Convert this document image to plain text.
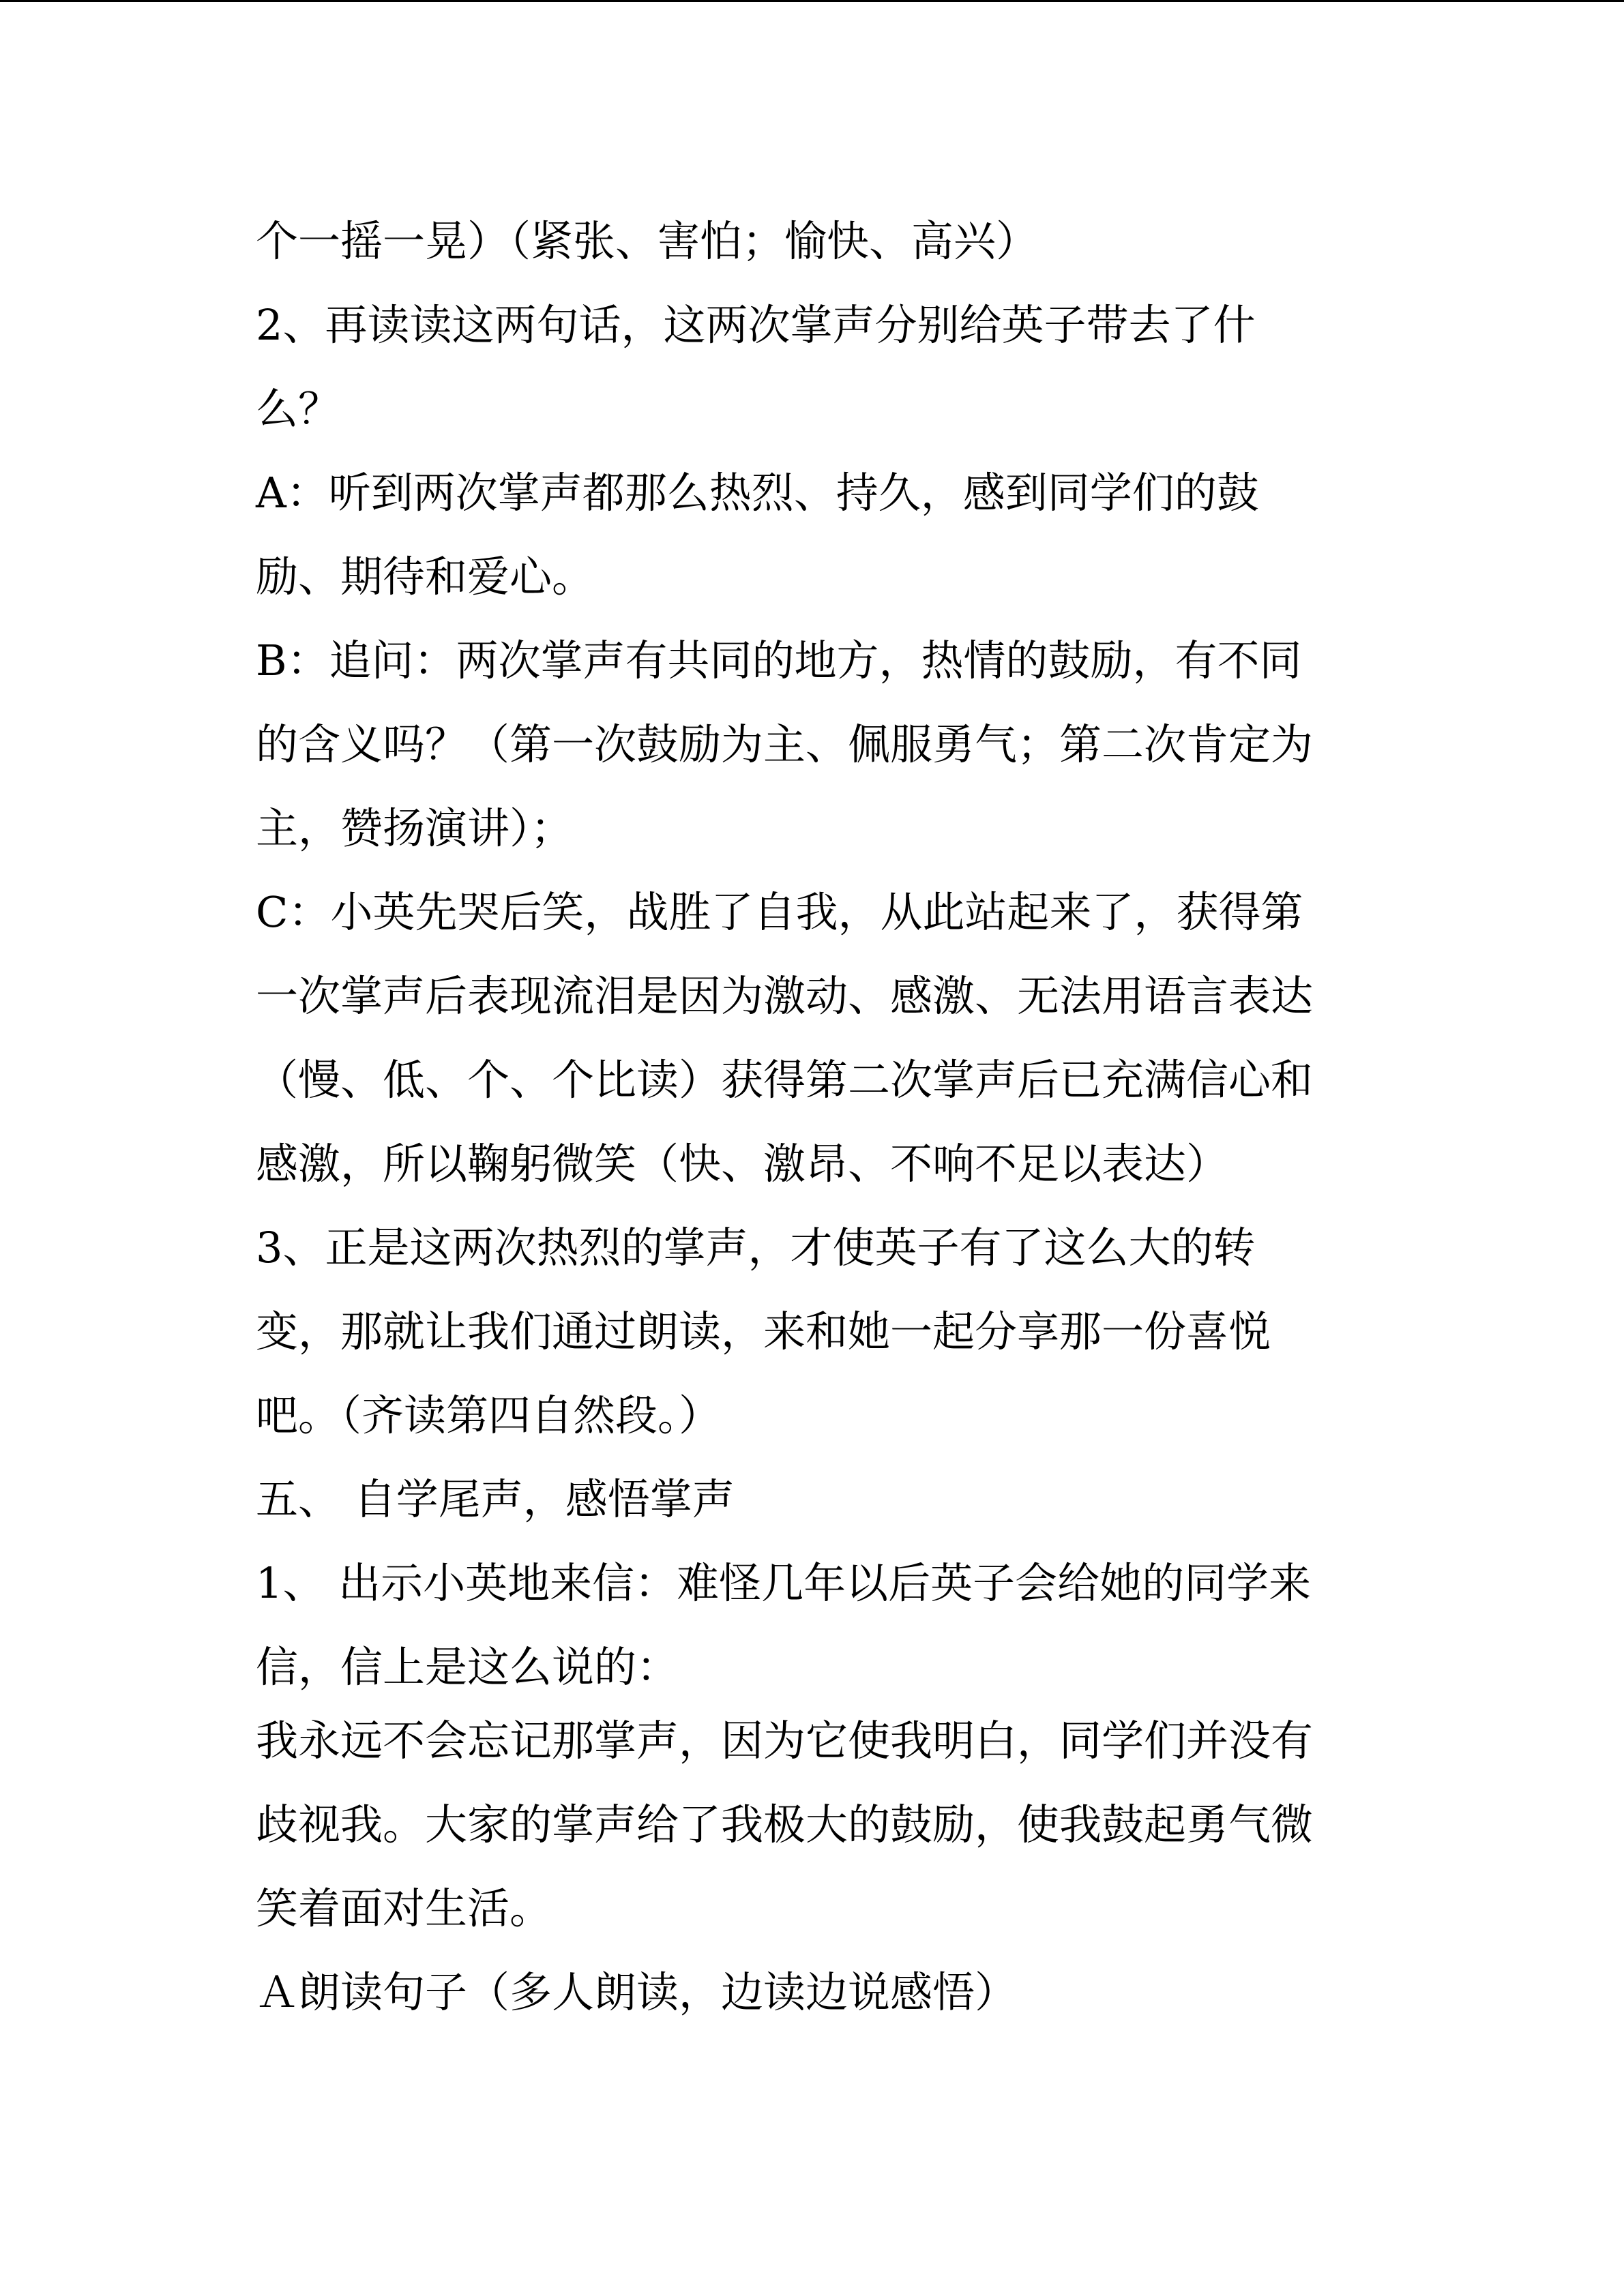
个一摇一晃）（紧张、害怕；愉快、高兴）
2、再读读这两句话，这两次掌声分别给英子带去了什
么？
A：听到两次掌声都那么热烈、持久，感到同学们的鼓
励、期待和爱心。
B：追问：两次掌声有共同的地方，热情的鼓励，有不同
的含义吗？（第一次鼓励为主、佩服勇气；第二次肯定为
主，赞扬演讲）；
C：小英先哭后笑，战胜了自我，从此站起来了，获得第
一次掌声后表现流泪是因为激动、感激、无法用语言表达
（慢、低、个、个比读）获得第二次掌声后已充满信心和
感激，所以鞠躬微笑（快、激昂、不响不足以表达）
3、正是这两次热烈的掌声，才使英子有了这么大的转
变，那就让我们通过朗读，来和她一起分享那一份喜悦
吧。（齐读第四自然段。）
五、 自学尾声，感悟掌声
1、 出示小英地来信：难怪几年以后英子会给她的同学来
信，信上是这么说的：
我永远不会忘记那掌声，因为它使我明白，同学们并没有
歧视我。大家的掌声给了我极大的鼓励，使我鼓起勇气微
笑着面对生活。
Ａ朗读句子（多人朗读，边读边说感悟）
